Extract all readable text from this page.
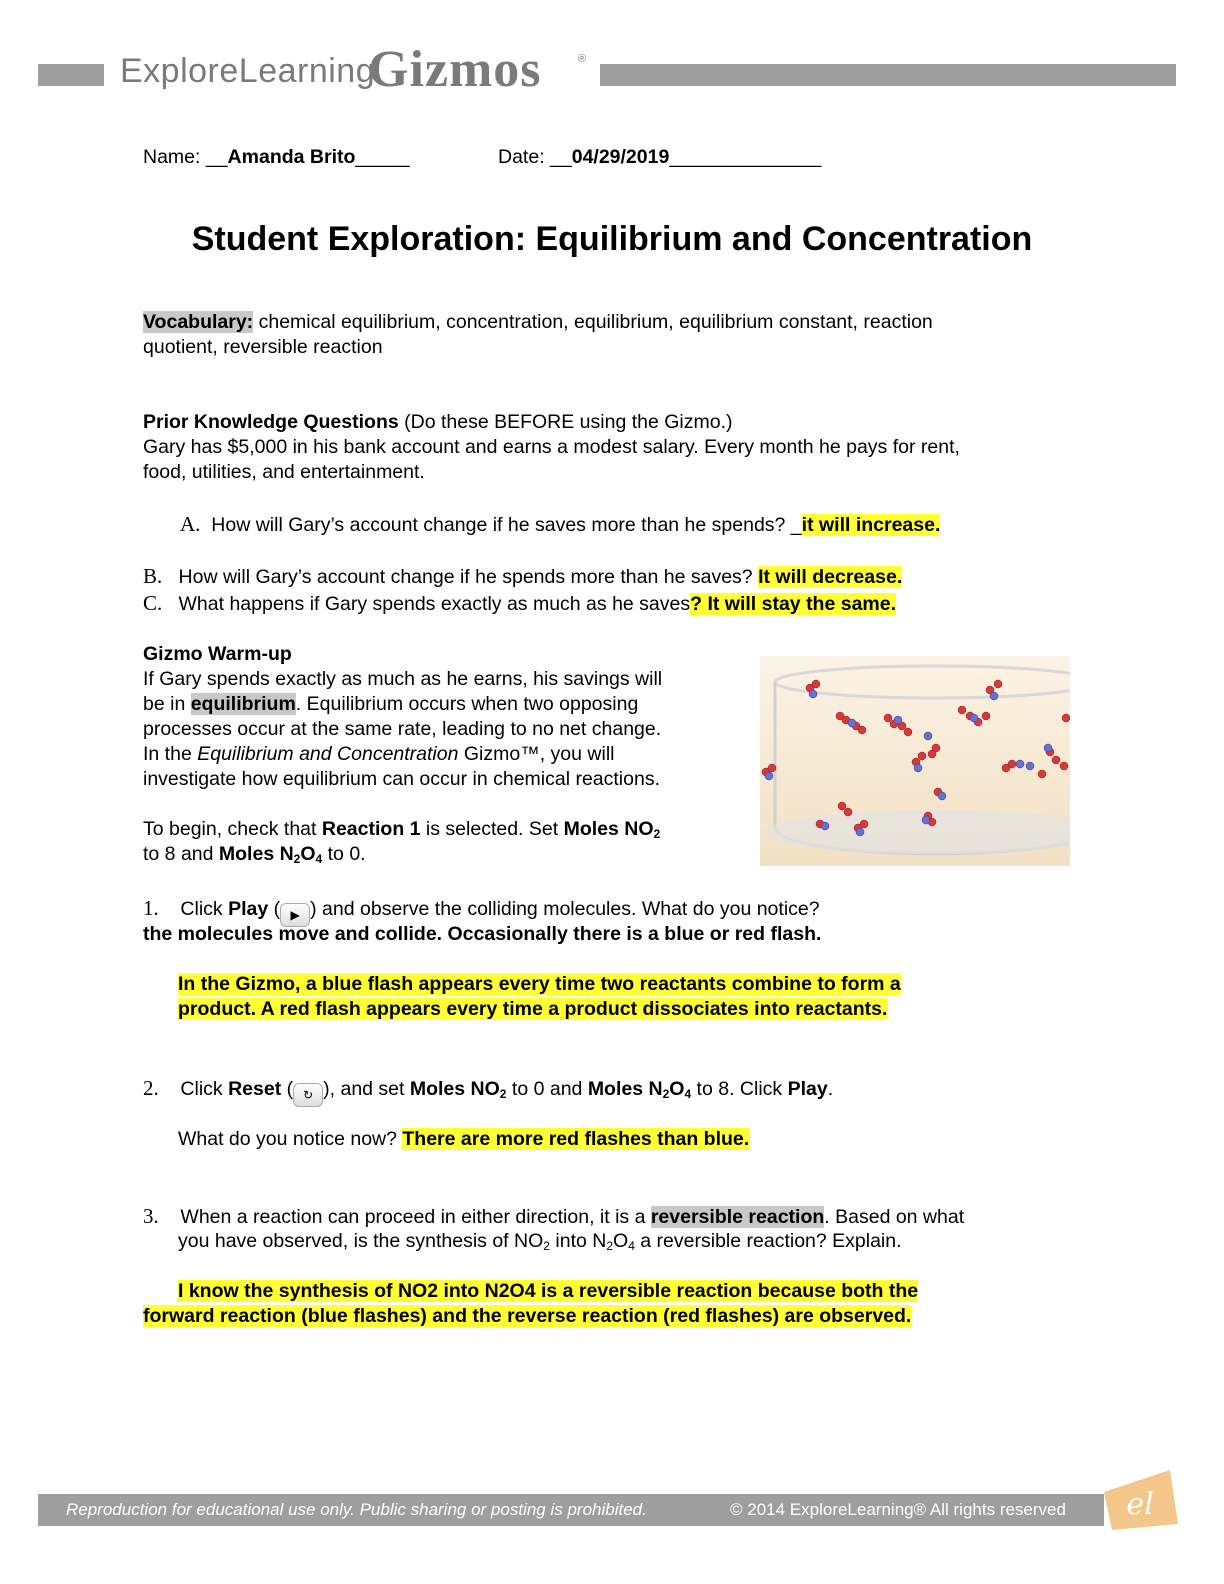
ExploreLearning
Gizmos	®
Name: __Amanda Brito_____	Date: __04/29/2019______________
Student Exploration: Equilibrium and Concentration
Vocabulary: chemical equilibrium, concentration, equilibrium, equilibrium constant, reaction
quotient, reversible reaction
Prior Knowledge Questions (Do these BEFORE using the Gizmo.)
Gary has $5,000 in his bank account and earns a modest salary. Every month he pays for rent,
food, utilities, and entertainment.
A. How will Gary’s account change if he saves more than he spends? _it will increase.
B. How will Gary’s account change if he spends more than he saves? It will decrease.
C. What happens if Gary spends exactly as much as he saves? It will stay the same.
Gizmo Warm-up
If Gary spends exactly as much as he earns, his savings will
be in equilibrium. Equilibrium occurs when two opposing
processes occur at the same rate, leading to no net change.
In the Equilibrium and Concentration Gizmo™, you will
investigate how equilibrium can occur in chemical reactions.
To begin, check that Reaction 1 is selected. Set Moles $NO_2$
to 8 and Moles $N_2O_4$ to 0.
1. Click Play ( ▶ ) and observe the colliding molecules. What do you notice?
the molecules move and collide. Occasionally there is a blue or red flash.
In the Gizmo, a blue flash appears every time two reactants combine to form a
product. A red flash appears every time a product dissociates into reactants.
2. Click Reset ( ↻ ), and set Moles $NO_2$ to 0 and Moles $N_2O_4$ to 8. Click Play.
What do you notice now? There are more red flashes than blue.
3. When a reaction can proceed in either direction, it is a reversible reaction. Based on what
you have observed, is the synthesis of $NO_2$ into $N_2O_4$ a reversible reaction? Explain.
I know the synthesis of NO2 into N2O4 is a reversible reaction because both the
forward reaction (blue flashes) and the reverse reaction (red flashes) are observed.
Reproduction for educational use only. Public sharing or posting is prohibited.	© 2014 ExploreLearning® All rights reserved el
